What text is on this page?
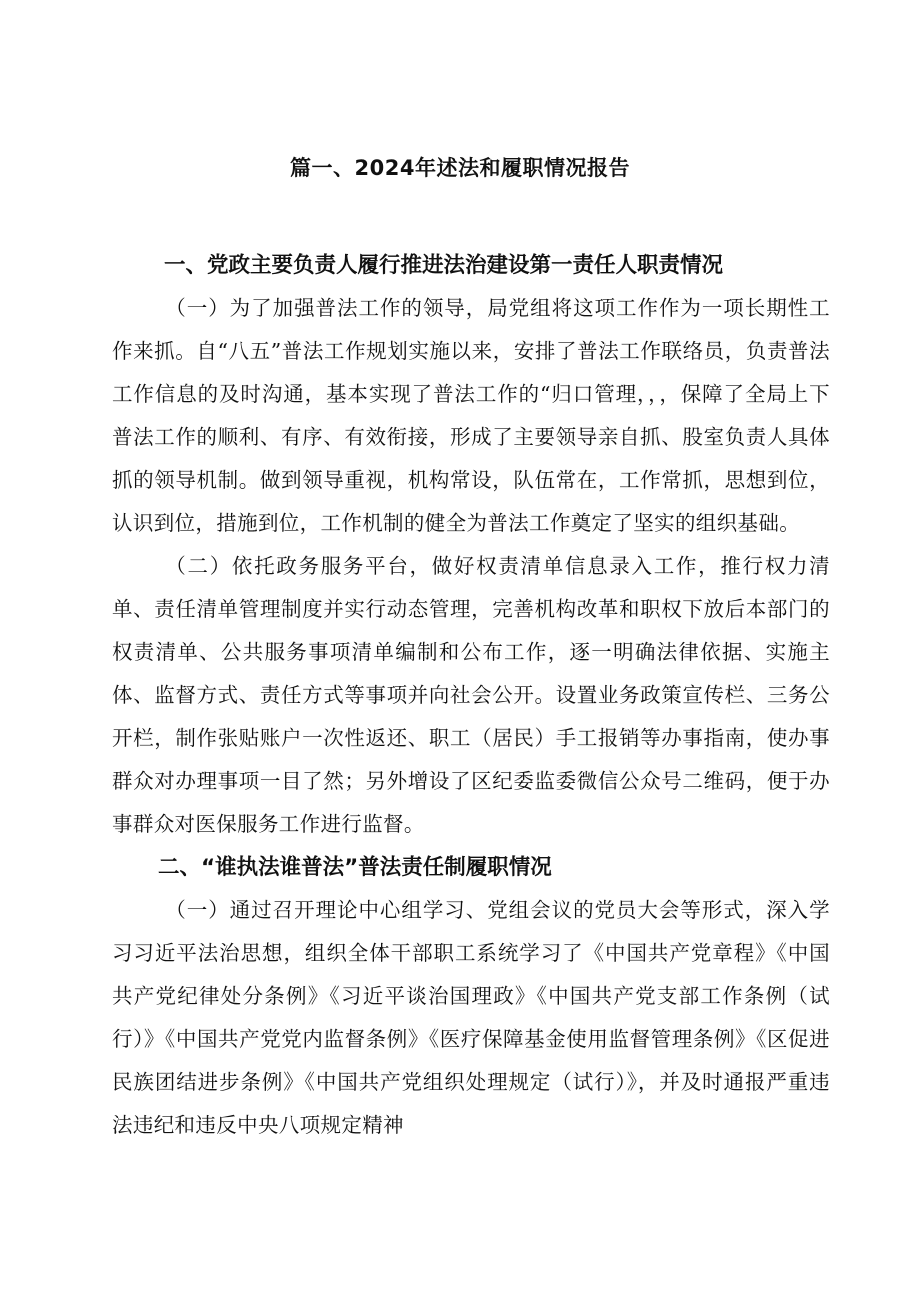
篇一、2024年述法和履职情况报告
一、党政主要负责人履行推进法治建设第一责任人职责情况

（一）为了加强普法工作的领导，局党组将这项工作作为一项长期性工作来抓。自“八五”普法工作规划实施以来，安排了普法工作联络员，负责普法工作信息的及时沟通，基本实现了普法工作的“归口管理，，，保障了全局上下普法工作的顺利、有序、有效衔接，形成了主要领导亲自抓、股室负责人具体抓的领导机制。做到领导重视，机构常设，队伍常在，工作常抓，思想到位，认识到位，措施到位，工作机制的健全为普法工作奠定了坚实的组织基础。

（二）依托政务服务平台，做好权责清单信息录入工作，推行权力清单、责任清单管理制度并实行动态管理，完善机构改革和职权下放后本部门的权责清单、公共服务事项清单编制和公布工作，逐一明确法律依据、实施主体、监督方式、责任方式等事项并向社会公开。设置业务政策宣传栏、三务公开栏，制作张贴账户一次性返还、职工（居民）手工报销等办事指南，使办事群众对办理事项一目了然；另外增设了区纪委监委微信公众号二维码，便于办事群众对医保服务工作进行监督。

二、“谁执法谁普法”普法责任制履职情况

（一）通过召开理论中心组学习、党组会议的党员大会等形式，深入学习习近平法治思想，组织全体干部职工系统学习了《中国共产党章程》《中国共产党纪律处分条例》《习近平谈治国理政》《中国共产党支部工作条例（试行）》《中国共产党党内监督条例》《医疗保障基金使用监督管理条例》《区促进民族团结进步条例》《中国共产党组织处理规定（试行）》，并及时通报严重违法违纪和违反中央八项规定精神
